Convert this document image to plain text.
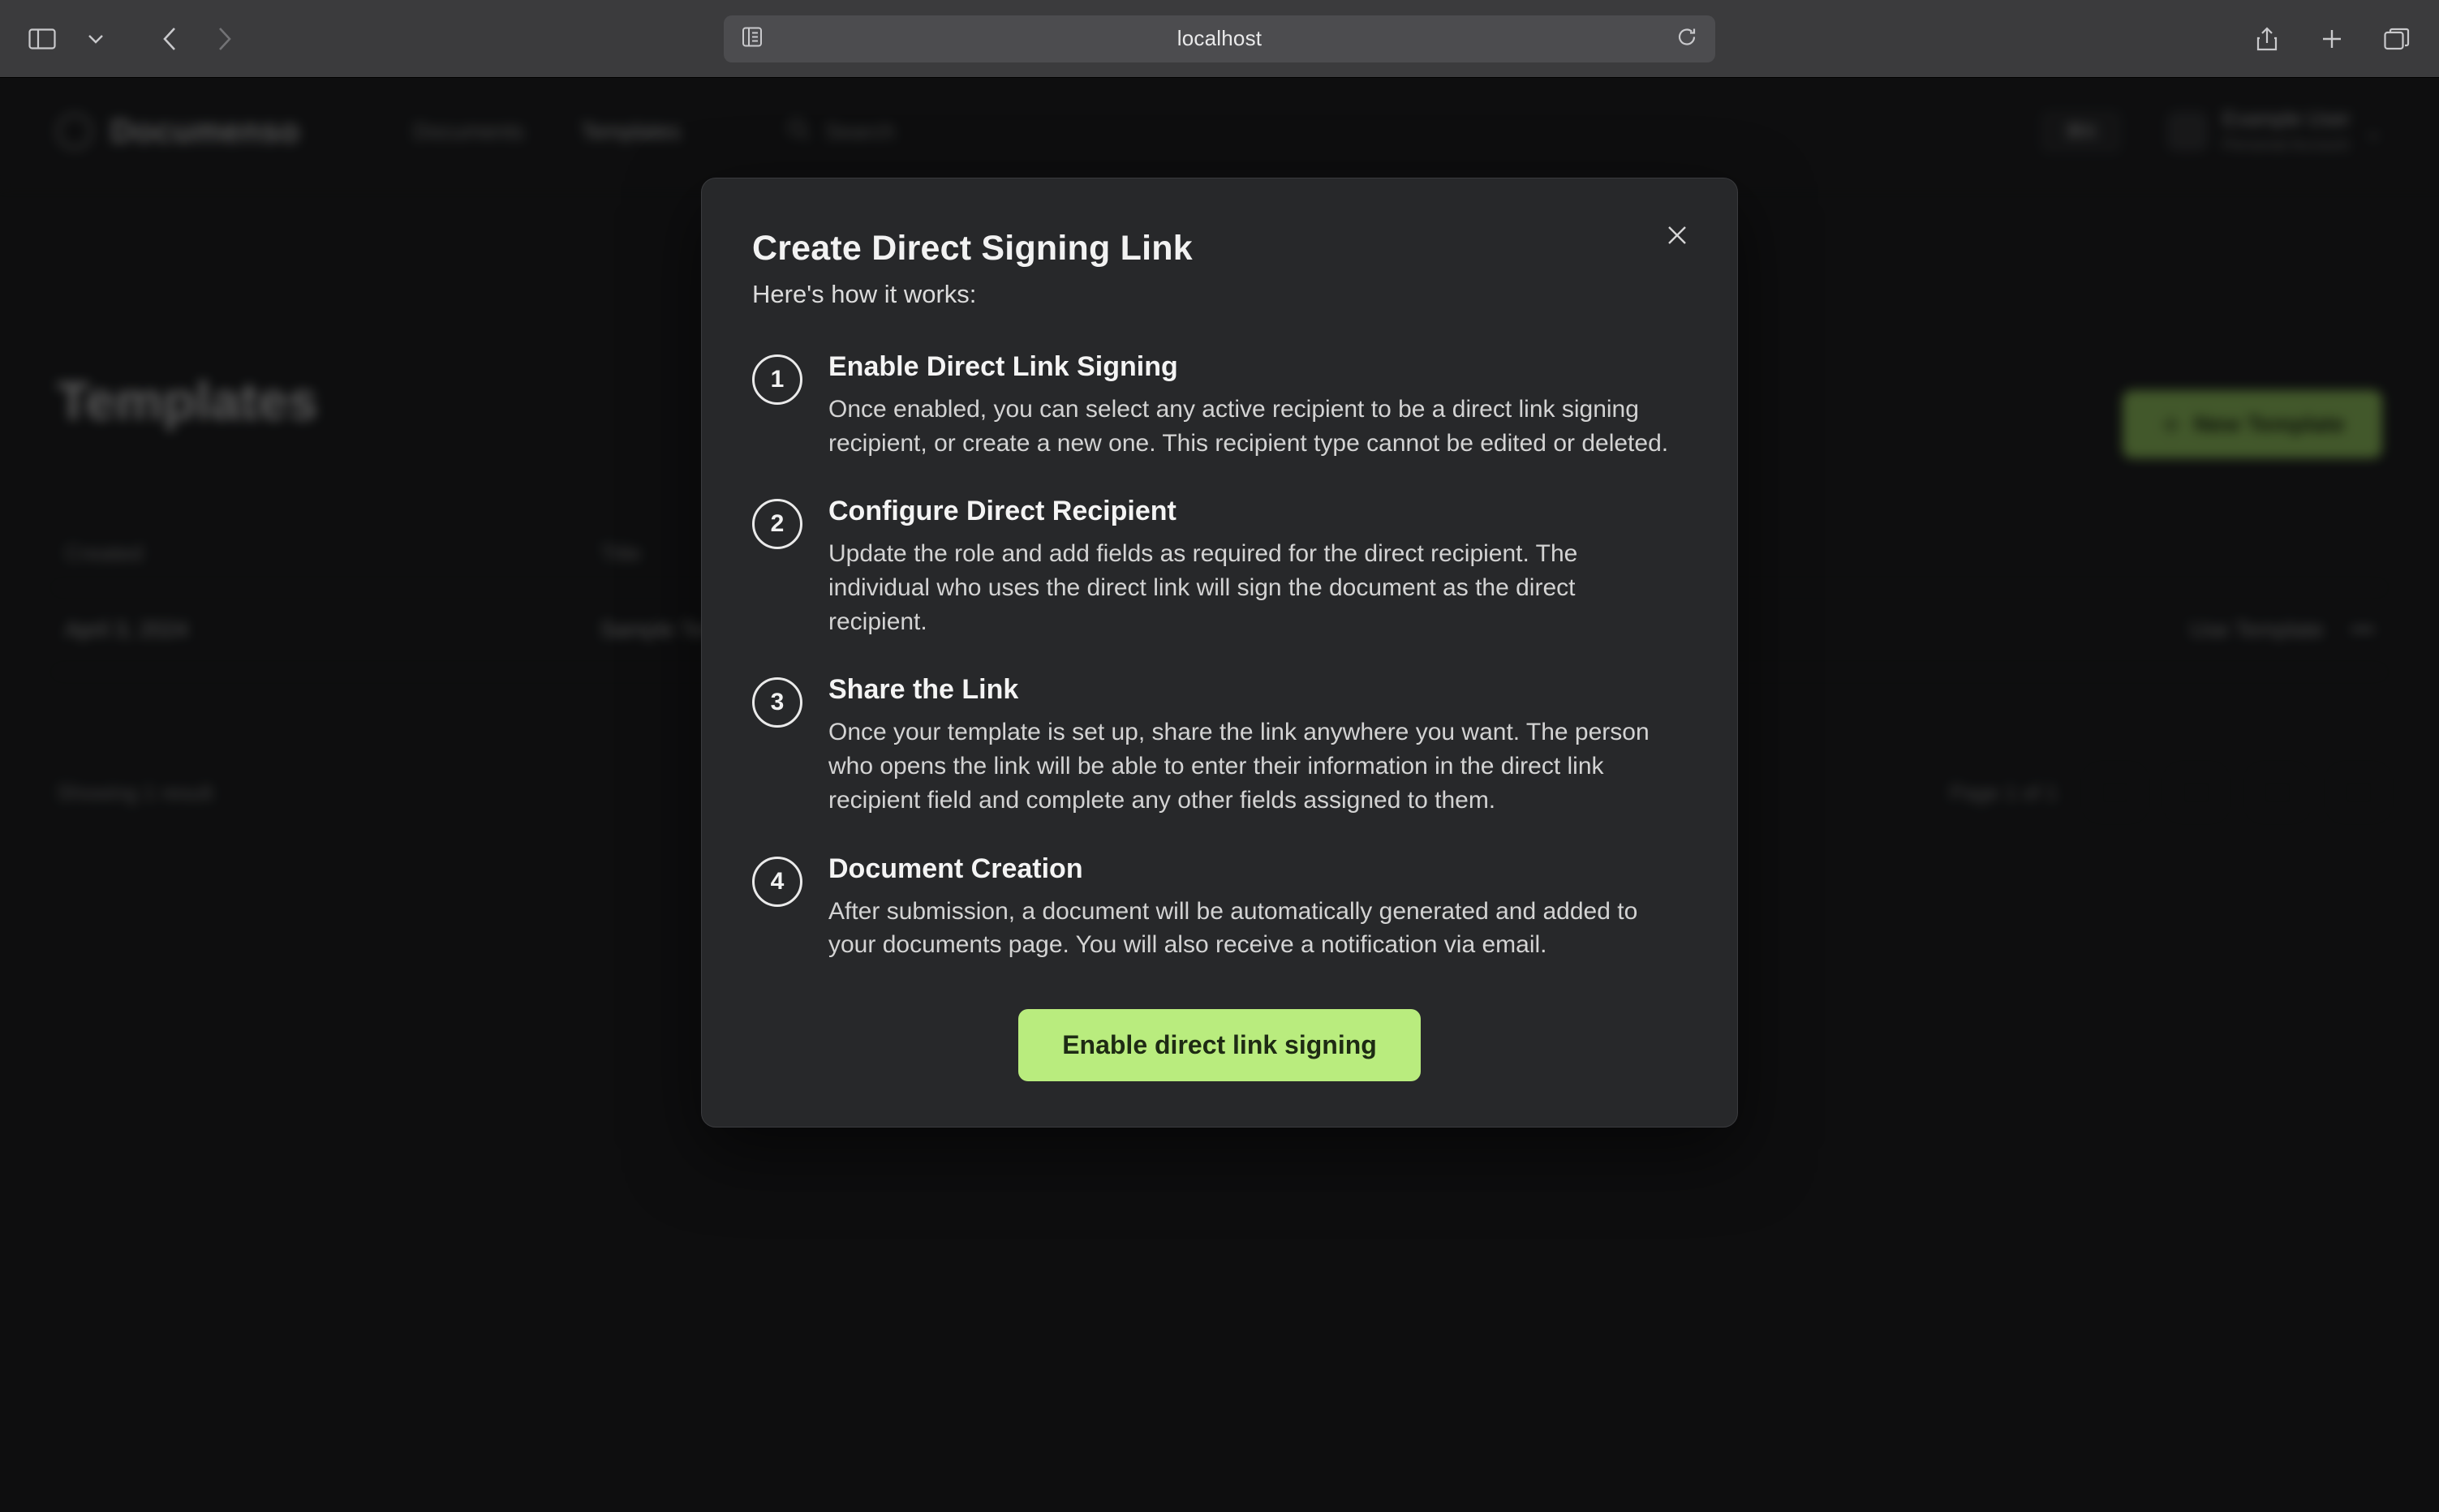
localhost
Create Direct Signing Link
Here's how it works:
1	Enable Direct Link Signing
Once enabled, you can select any active recipient to be a direct link signing recipient, or create a new one. This recipient type cannot be edited or deleted.
2	Configure Direct Recipient
Update the role and add fields as required for the direct recipient. The individual who uses the direct link will sign the document as the direct recipient.
3	Share the Link
Once your template is set up, share the link anywhere you want. The person who opens the link will be able to enter their information in the direct link recipient field and complete any other fields assigned to them.
4	Document Creation
After submission, a document will be automatically generated and added to your documents page. You will also receive a notification via email.
Enable direct link signing
